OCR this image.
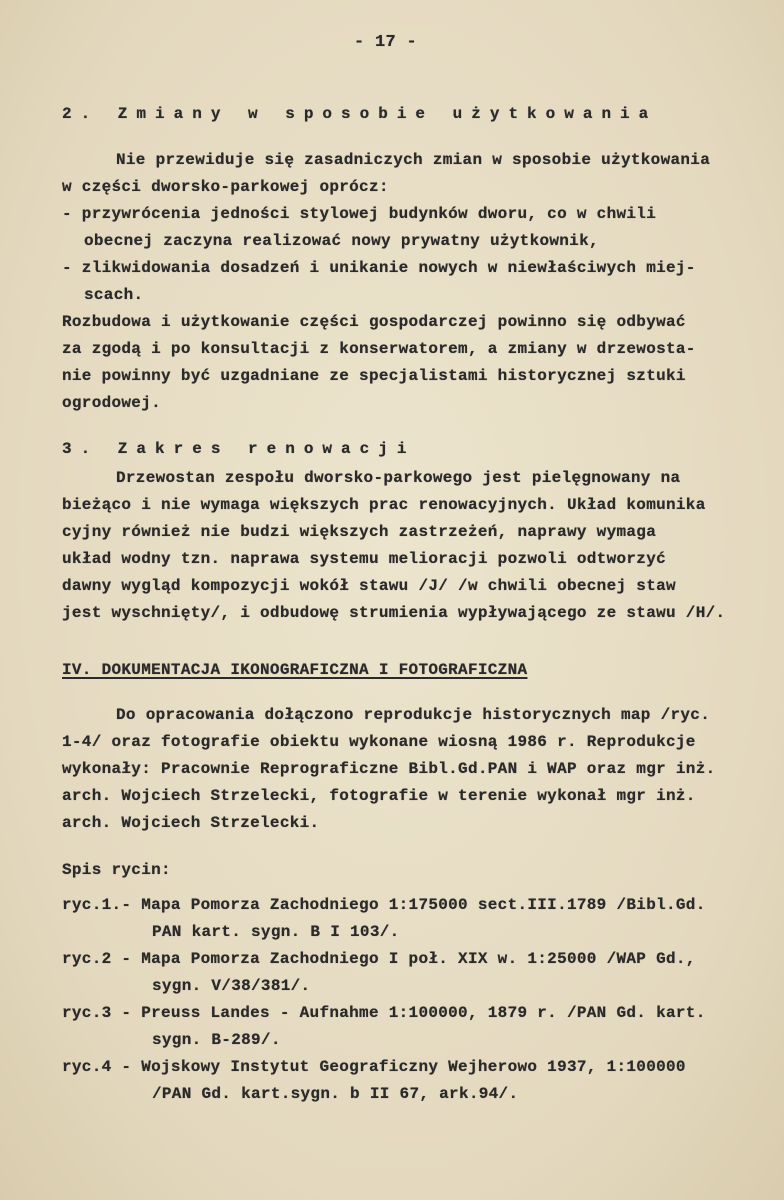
- 17 -
2. Zmiany w sposobie użytkowania
Nie przewiduje się zasadniczych zmian w sposobie użytkowania
w części dworsko-parkowej oprócz:
- przywrócenia jedności stylowej budynków dworu, co w chwili
obecnej zaczyna realizować nowy prywatny użytkownik,
- zlikwidowania dosadzeń i unikanie nowych w niewłaściwych miej-
scach.
Rozbudowa i użytkowanie części gospodarczej powinno się odbywać
za zgodą i po konsultacji z konserwatorem, a zmiany w drzewosta-
nie powinny być uzgadniane ze specjalistami historycznej sztuki
ogrodowej.
3. Zakres renowacji
Drzewostan zespołu dworsko-parkowego jest pielęgnowany na
bieżąco i nie wymaga większych prac renowacyjnych. Układ komunika
cyjny również nie budzi większych zastrzeżeń, naprawy wymaga
układ wodny tzn. naprawa systemu melioracji pozwoli odtworzyć
dawny wygląd kompozycji wokół stawu /J/ /w chwili obecnej staw
jest wyschnięty/, i odbudowę strumienia wypływającego ze stawu /H/.
IV. DOKUMENTACJA IKONOGRAFICZNA I FOTOGRAFICZNA
Do opracowania dołączono reprodukcje historycznych map /ryc.
1-4/ oraz fotografie obiektu wykonane wiosną 1986 r. Reprodukcje
wykonały: Pracownie Reprograficzne Bibl.Gd.PAN i WAP oraz mgr inż.
arch. Wojciech Strzelecki, fotografie w terenie wykonał mgr inż.
arch. Wojciech Strzelecki.
Spis rycin:
ryc.1.- Mapa Pomorza Zachodniego 1:175000 sect.III.1789 /Bibl.Gd.
PAN kart. sygn. B I 103/.
ryc.2 - Mapa Pomorza Zachodniego I poł. XIX w. 1:25000 /WAP Gd.,
sygn. V/38/381/.
ryc.3 - Preuss Landes - Aufnahme 1:100000, 1879 r. /PAN Gd. kart.
sygn. B-289/.
ryc.4 - Wojskowy Instytut Geograficzny Wejherowo 1937, 1:100000
/PAN Gd. kart.sygn. b II 67, ark.94/.
